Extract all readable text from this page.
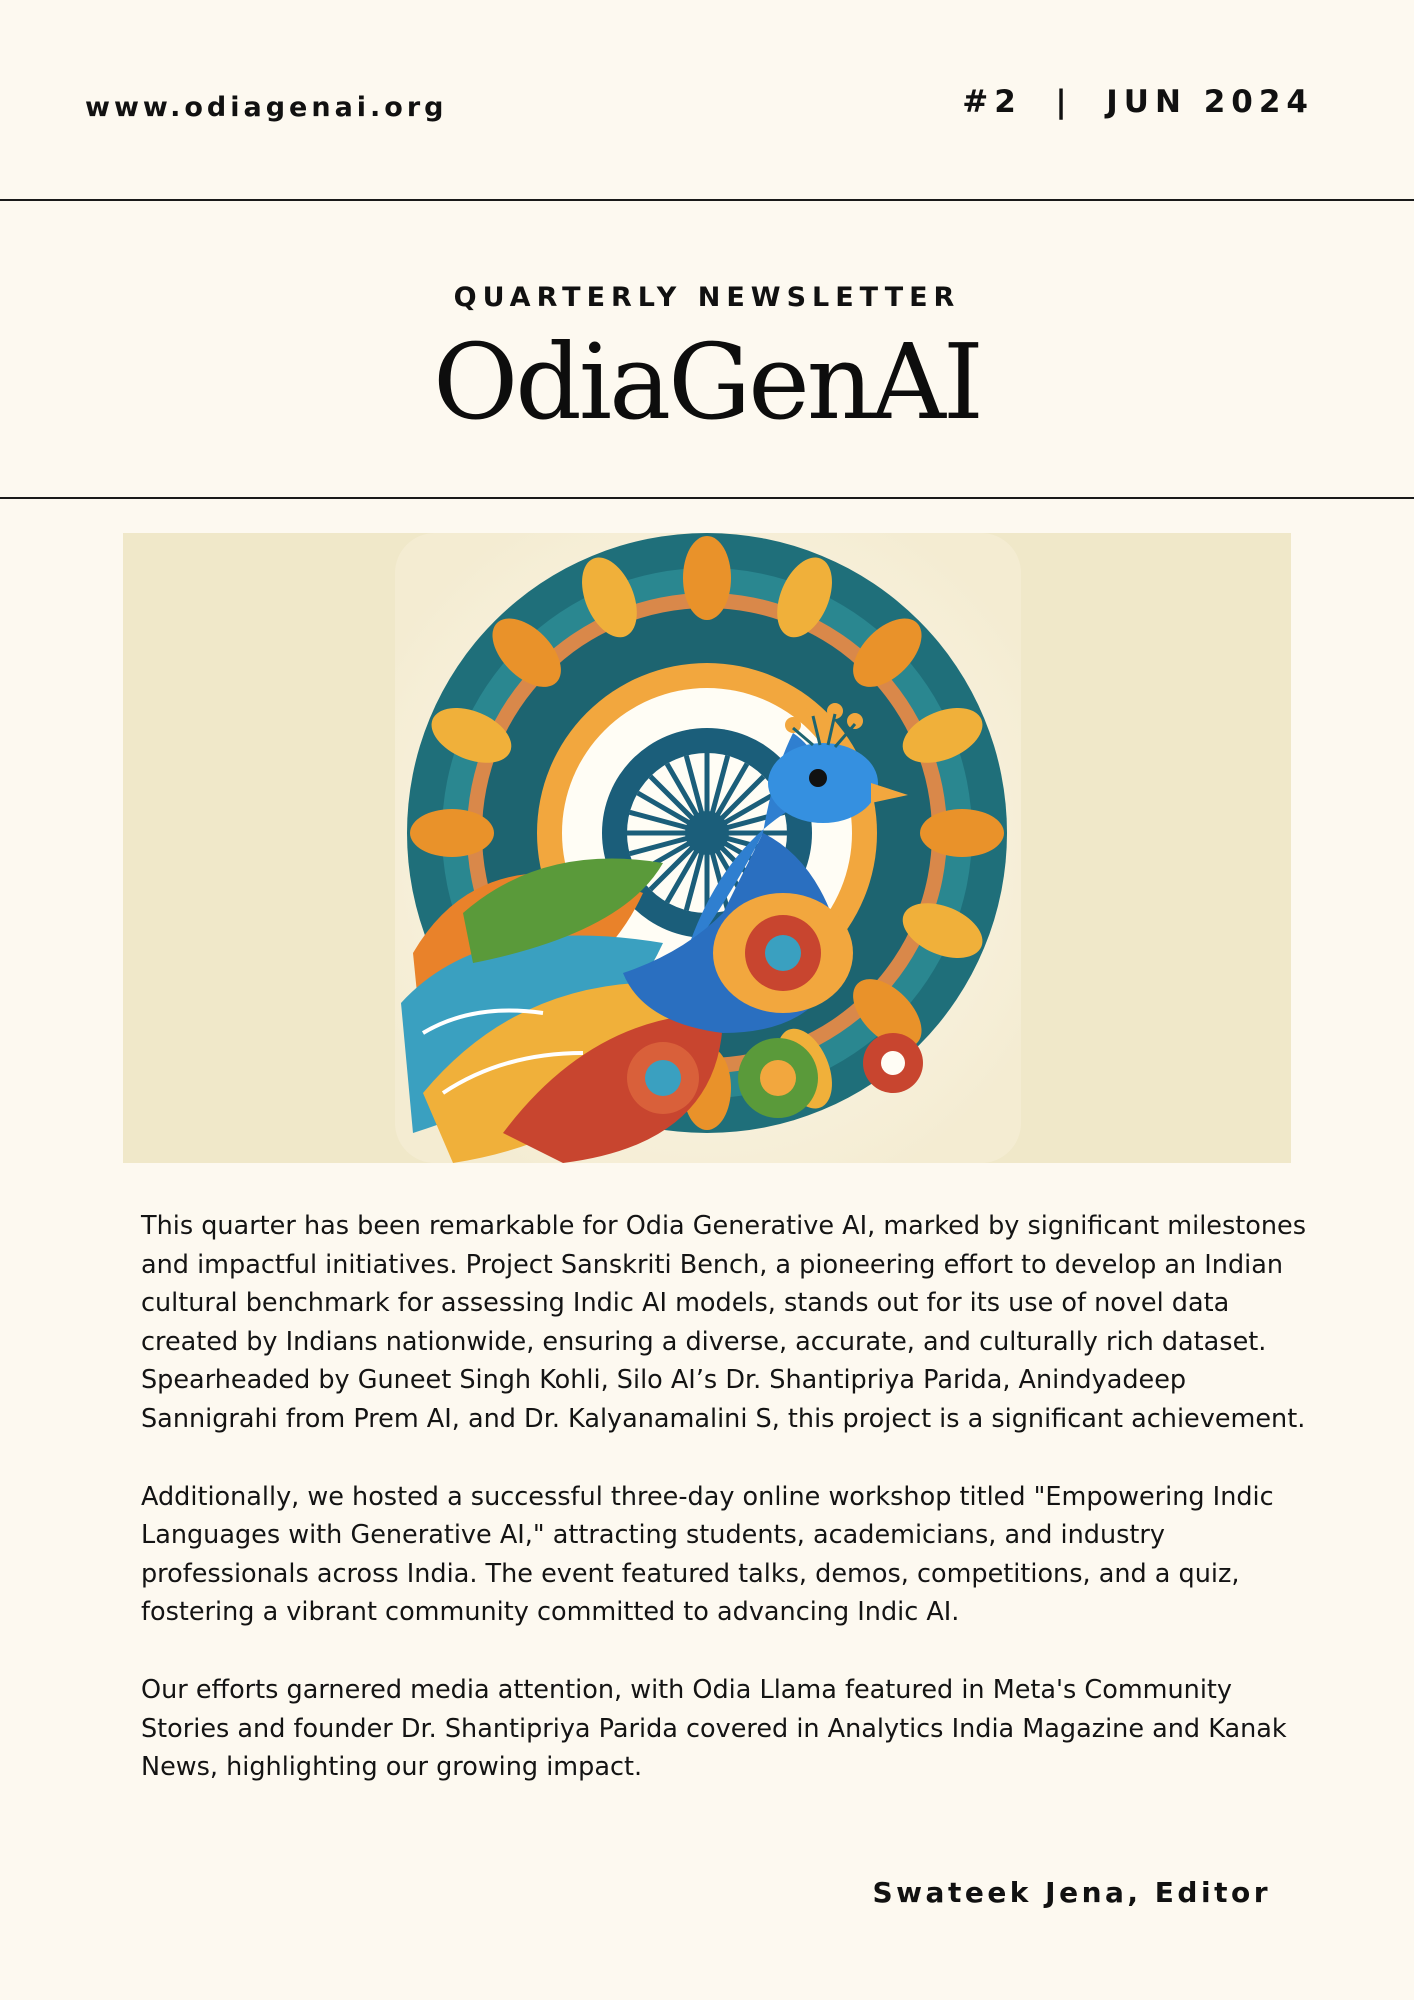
www.odiagenai.org	#2  |  JUN 2024
QUARTERLY NEWSLETTER
OdiaGenAI

This quarter has been remarkable for Odia Generative AI, marked by significant milestones and impactful initiatives. Project Sanskriti Bench, a pioneering effort to develop an Indian cultural benchmark for assessing Indic AI models, stands out for its use of novel data created by Indians nationwide, ensuring a diverse, accurate, and culturally rich dataset. Spearheaded by Guneet Singh Kohli, Silo AI’s Dr. Shantipriya Parida, Anindyadeep Sannigrahi from Prem AI, and Dr. Kalyanamalini S, this project is a significant achievement.

Additionally, we hosted a successful three-day online workshop titled "Empowering Indic Languages with Generative AI," attracting students, academicians, and industry professionals across India. The event featured talks, demos, competitions, and a quiz, fostering a vibrant community committed to advancing Indic AI.

Our efforts garnered media attention, with Odia Llama featured in Meta's Community Stories and founder Dr. Shantipriya Parida covered in Analytics India Magazine and Kanak News, highlighting our growing impact.

Swateek Jena, Editor
